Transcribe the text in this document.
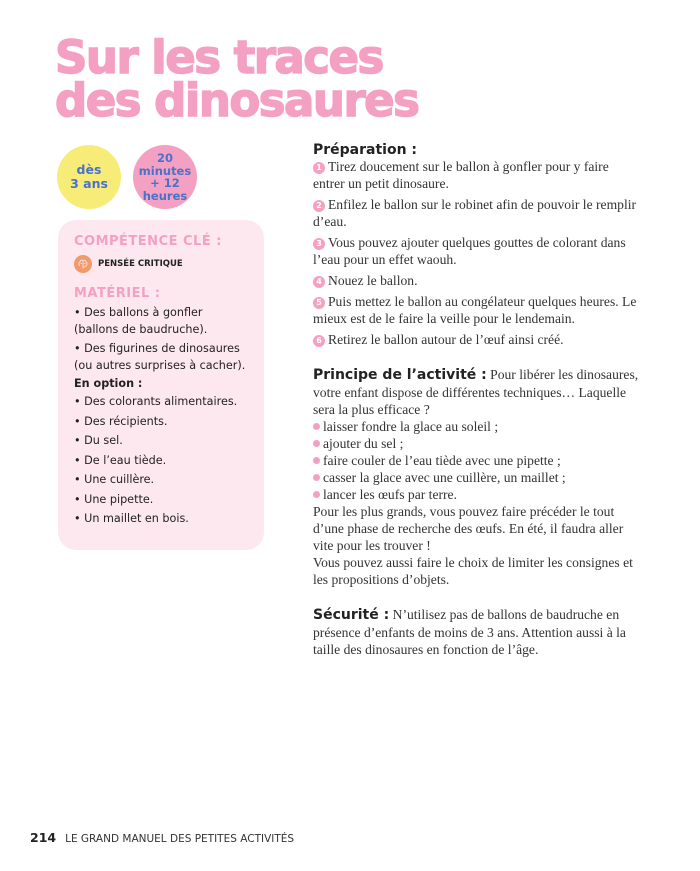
Sur les traces
des dinosaures
dès
3 ans
20
minutes
+ 12
heures
COMPÉTENCE CLÉ :
PENSÉE CRITIQUE
MATÉRIEL :
• Des ballons à gonfler (ballons de baudruche).
• Des figurines de dinosaures (ou autres surprises à cacher).
En option :
• Des colorants alimentaires.
• Des récipients.
• Du sel.
• De l’eau tiède.
• Une cuillère.
• Une pipette.
• Un maillet en bois.
Préparation :

1 Tirez doucement sur le ballon à gonfler pour y faire entrer un petit dinosaure.

2 Enfilez le ballon sur le robinet afin de pouvoir le remplir d’eau.

3 Vous pouvez ajouter quelques gouttes de colorant dans l’eau pour un effet waouh.

4 Nouez le ballon.

5 Puis mettez le ballon au congélateur quelques heures. Le mieux est de le faire la veille pour le lendemain.

6 Retirez le ballon autour de l’œuf ainsi créé.

Principe de l’activité : Pour libérer les dinosaures, votre enfant dispose de différentes techniques… Laquelle sera la plus efficace ?
laisser fondre la glace au soleil ;
ajouter du sel ;
faire couler de l’eau tiède avec une pipette ;
casser la glace avec une cuillère, un maillet ;
lancer les œufs par terre.
Pour les plus grands, vous pouvez faire précéder le tout d’une phase de recherche des œufs. En été, il faudra aller vite pour les trouver !
Vous pouvez aussi faire le choix de limiter les consignes et les propositions d’objets.
Sécurité : N’utilisez pas de ballons de baudruche en présence d’enfants de moins de 3 ans. Attention aussi à la taille des dinosaures en fonction de l’âge.
214 LE GRAND MANUEL DES PETITES ACTIVITÉS
